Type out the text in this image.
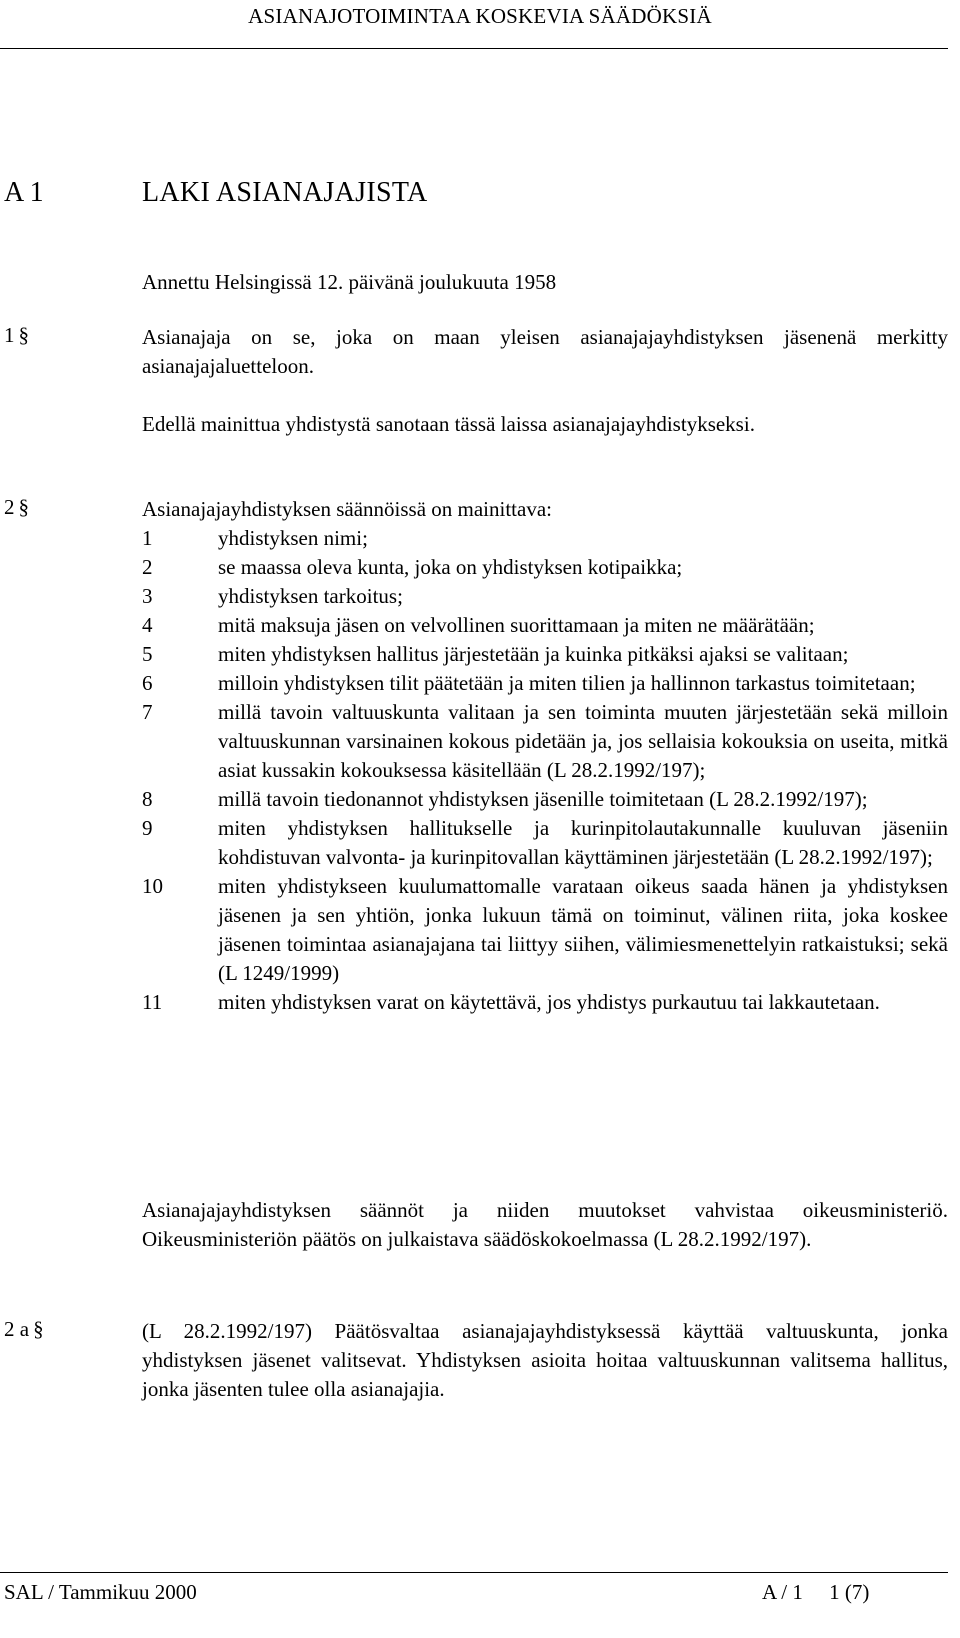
ASIANAJOTOIMINTAA KOSKEVIA SÄÄDÖKSIÄ
A 1	LAKI ASIANAJAJISTA
Annettu Helsingissä 12. päivänä joulukuuta 1958
1 §	Asianajaja on se, joka on maan yleisen asianajajayhdistyksen jäsenenä merkitty asianajajaluetteloon.
Edellä mainittua yhdistystä sanotaan tässä laissa asianajajayhdistykseksi.
2 §	Asianajajayhdistyksen säännöissä on mainittava:
1	yhdistyksen nimi;
2	se maassa oleva kunta, joka on yhdistyksen kotipaikka;
3	yhdistyksen tarkoitus;
4	mitä maksuja jäsen on velvollinen suorittamaan ja miten ne määrätään;
5	miten yhdistyksen hallitus järjestetään ja kuinka pitkäksi ajaksi se valitaan;
6	milloin yhdistyksen tilit päätetään ja miten tilien ja hallinnon tarkastus toimitetaan;
7	millä tavoin valtuuskunta valitaan ja sen toiminta muuten järjestetään sekä milloin valtuuskunnan varsinainen kokous pidetään ja, jos sellaisia kokouksia on useita, mitkä asiat kussakin kokouksessa käsitellään (L 28.2.1992/197);
8	millä tavoin tiedonannot yhdistyksen jäsenille toimitetaan (L 28.2.1992/197);
9	miten yhdistyksen hallitukselle ja kurinpitolautakunnalle kuuluvan jäseniin kohdistuvan valvonta- ja kurinpitovallan käyttäminen järjestetään (L 28.2.1992/197);
10	miten yhdistykseen kuulumattomalle varataan oikeus saada hänen ja yhdistyksen jäsenen ja sen yhtiön, jonka lukuun tämä on toiminut, välinen riita, joka koskee jäsenen toimintaa asianajajana tai liittyy siihen, välimiesmenettelyin ratkaistuksi; sekä (L 1249/1999)
11	miten yhdistyksen varat on käytettävä, jos yhdistys purkautuu tai lakkautetaan.
Asianajajayhdistyksen säännöt ja niiden muutokset vahvistaa oikeusministeriö. Oikeusministeriön päätös on julkaistava säädöskokoelmassa (L 28.2.1992/197).
2 a §	(L 28.2.1992/197) Päätösvaltaa asianajajayhdistyksessä käyttää valtuuskunta, jonka yhdistyksen jäsenet valitsevat. Yhdistyksen asioita hoitaa valtuuskunnan valitsema hallitus, jonka jäsenten tulee olla asianajajia.
SAL / Tammikuu 2000	A / 1     1 (7)
